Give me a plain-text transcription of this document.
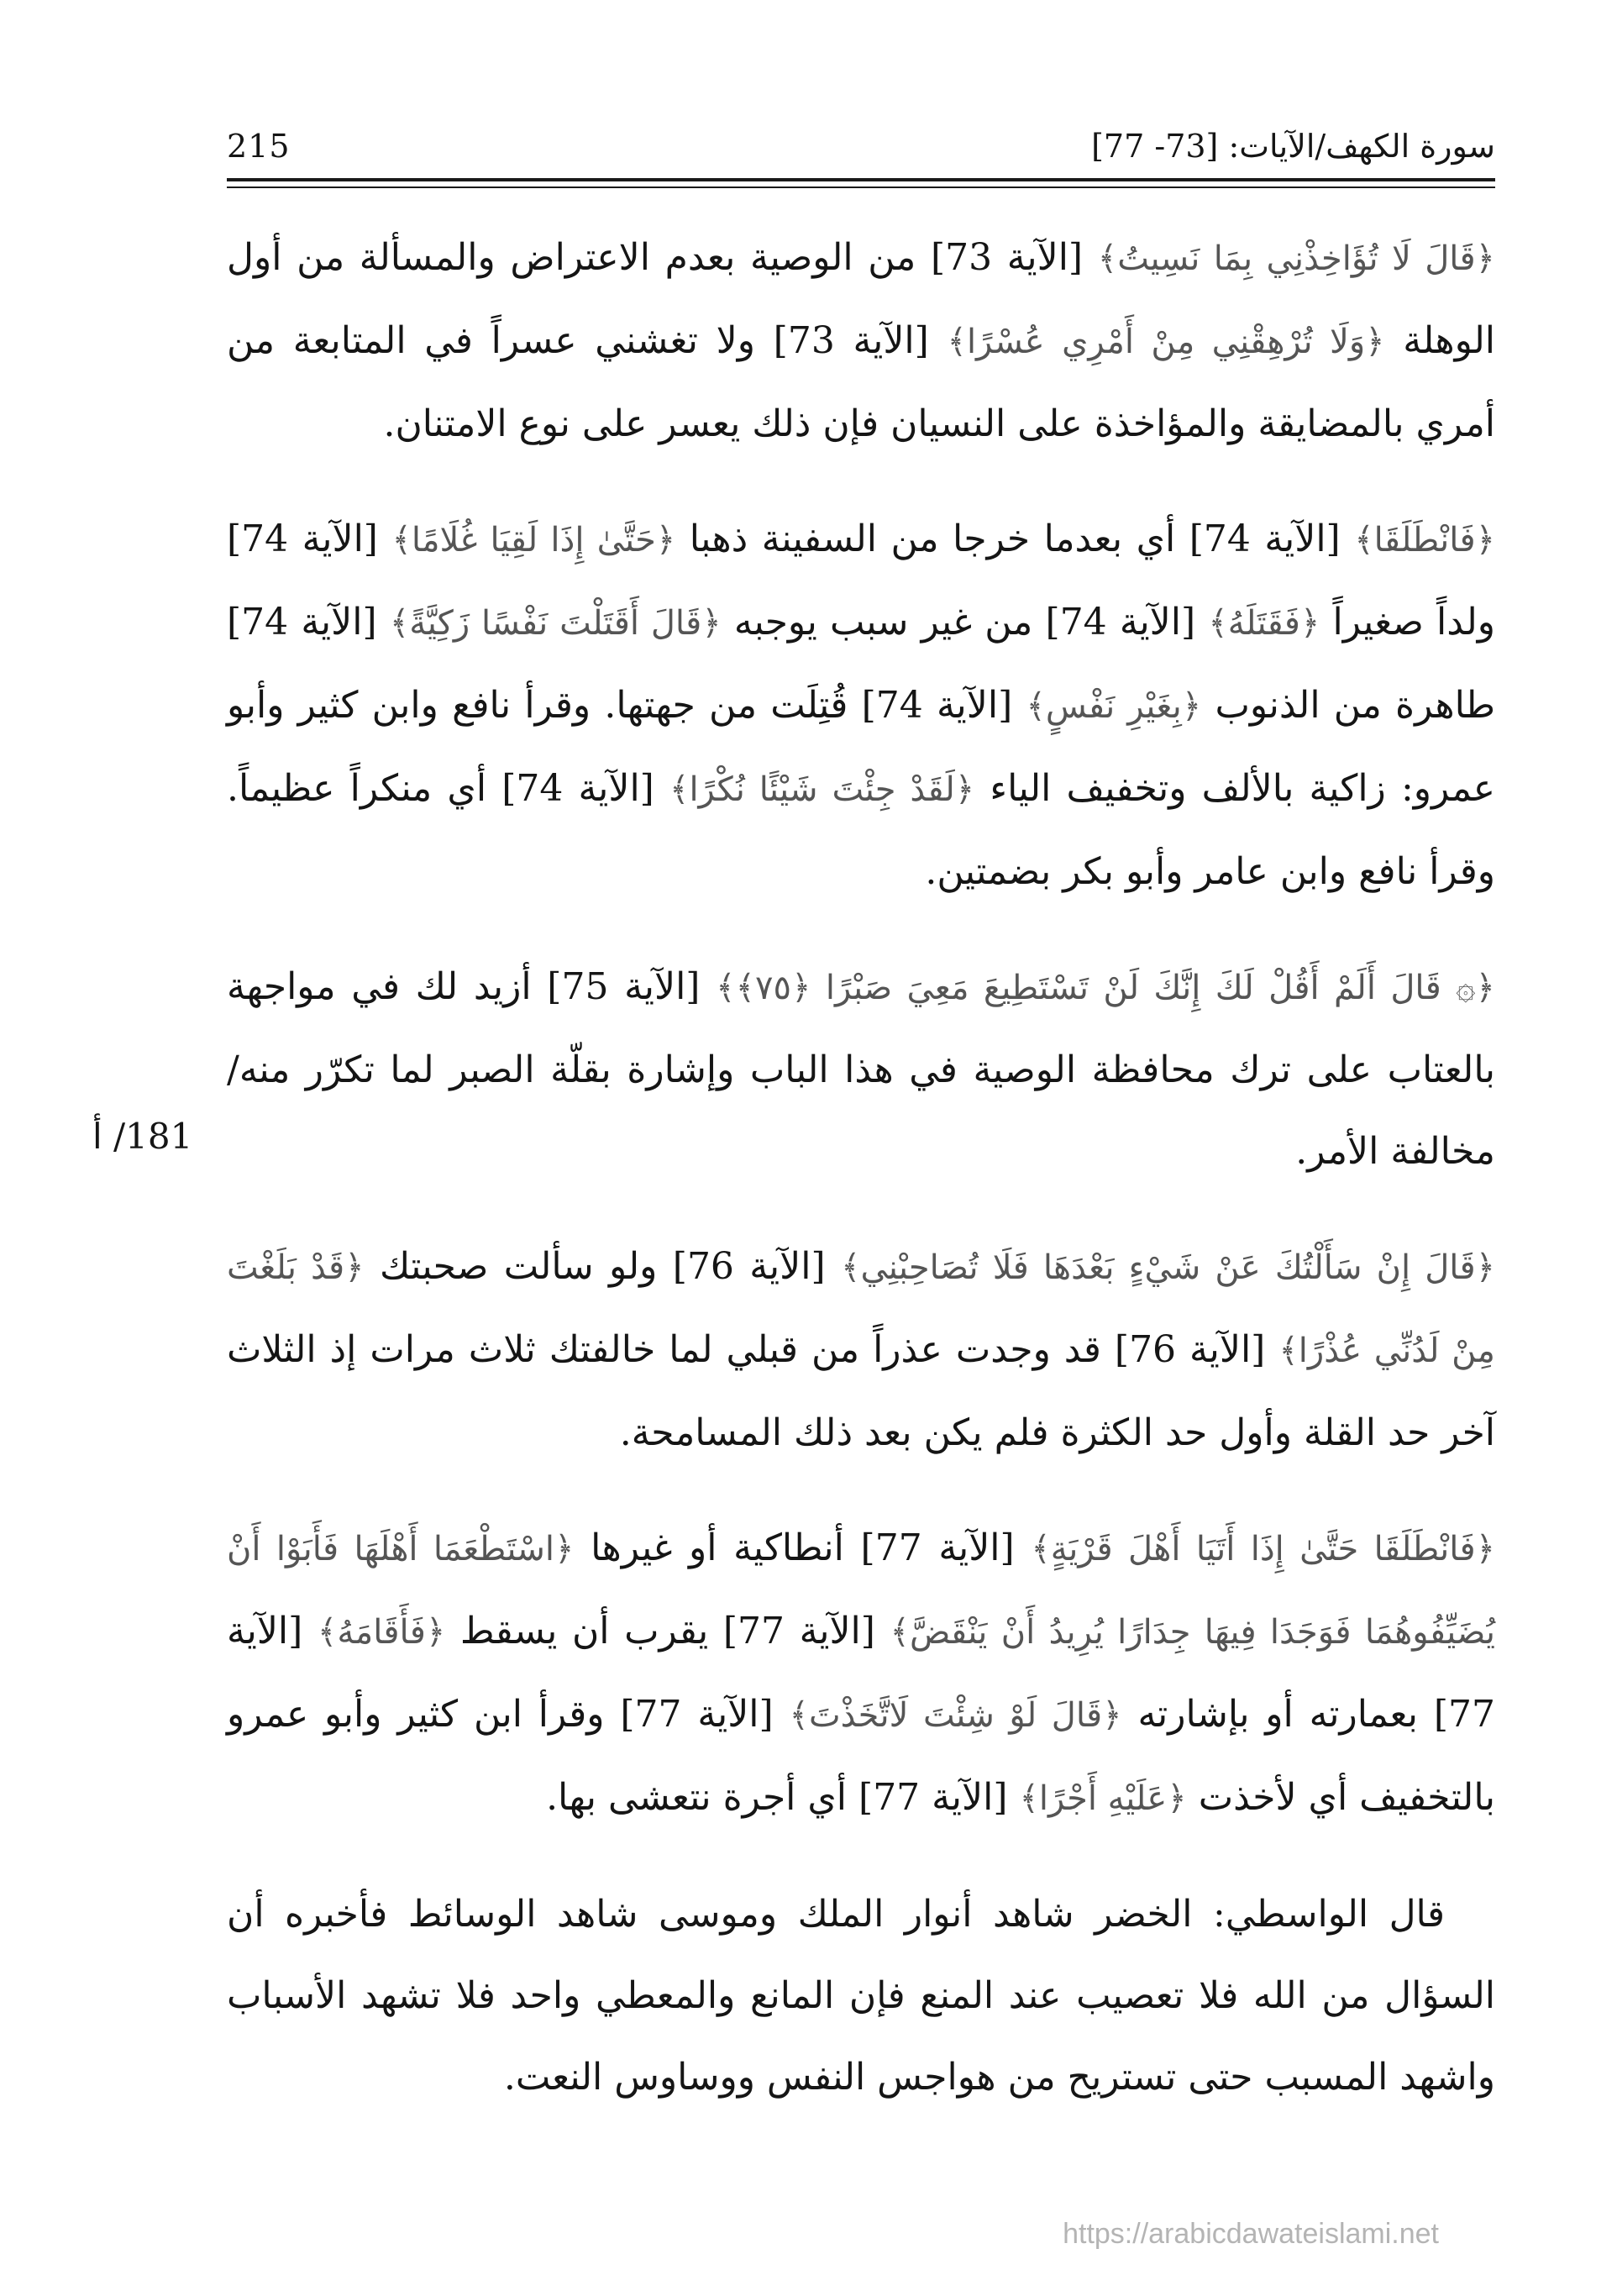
سورة الكهف/الآيات: [73- 77]
215

﴿قَالَ لَا تُؤَاخِذْنِي بِمَا نَسِيتُ﴾ [الآية 73] من الوصية بعدم الاعتراض والمسألة من أول الوهلة ﴿وَلَا تُرْهِقْنِي مِنْ أَمْرِي عُسْرًا﴾ [الآية 73] ولا تغشني عسراً في المتابعة من أمري بالمضايقة والمؤاخذة على النسيان فإن ذلك يعسر على نوع الامتنان.

﴿فَانْطَلَقَا﴾ [الآية 74] أي بعدما خرجا من السفينة ذهبا ﴿حَتَّىٰ إِذَا لَقِيَا غُلَامًا﴾ [الآية 74] ولداً صغيراً ﴿فَقَتَلَهُ﴾ [الآية 74] من غير سبب يوجبه ﴿قَالَ أَقَتَلْتَ نَفْسًا زَكِيَّةً﴾ [الآية 74] طاهرة من الذنوب ﴿بِغَيْرِ نَفْسٍ﴾ [الآية 74] قُتِلَت من جهتها. وقرأ نافع وابن كثير وأبو عمرو: زاكية بالألف وتخفيف الياء ﴿لَقَدْ جِئْتَ شَيْئًا نُكْرًا﴾ [الآية 74] أي منكراً عظيماً. وقرأ نافع وابن عامر وأبو بكر بضمتين.

﴿۞ قَالَ أَلَمْ أَقُلْ لَكَ إِنَّكَ لَنْ تَسْتَطِيعَ مَعِيَ صَبْرًا ﴿٧٥﴾﴾ [الآية 75] أزيد لك في مواجهة بالعتاب على ترك محافظة الوصية في هذا الباب وإشارة بقلّة الصبر لما تكرّر منه/ مخالفة الأمر.

﴿قَالَ إِنْ سَأَلْتُكَ عَنْ شَيْءٍ بَعْدَهَا فَلَا تُصَاحِبْنِي﴾ [الآية 76] ولو سألت صحبتك ﴿قَدْ بَلَغْتَ مِنْ لَدُنِّي عُذْرًا﴾ [الآية 76] قد وجدت عذراً من قبلي لما خالفتك ثلاث مرات إذ الثلاث آخر حد القلة وأول حد الكثرة فلم يكن بعد ذلك المسامحة.

﴿فَانْطَلَقَا حَتَّىٰ إِذَا أَتَيَا أَهْلَ قَرْيَةٍ﴾ [الآية 77] أنطاكية أو غيرها ﴿اسْتَطْعَمَا أَهْلَهَا فَأَبَوْا أَنْ يُضَيِّفُوهُمَا فَوَجَدَا فِيهَا جِدَارًا يُرِيدُ أَنْ يَنْقَضَّ﴾ [الآية 77] يقرب أن يسقط ﴿فَأَقَامَهُ﴾ [الآية 77] بعمارته أو بإشارته ﴿قَالَ لَوْ شِئْتَ لَاتَّخَذْتَ﴾ [الآية 77] وقرأ ابن كثير وأبو عمرو بالتخفيف أي لأخذت ﴿عَلَيْهِ أَجْرًا﴾ [الآية 77] أي أجرة نتعشى بها.

قال الواسطي: الخضر شاهد أنوار الملك وموسى شاهد الوسائط فأخبره أن السؤال من الله فلا تعصيب عند المنع فإن المانع والمعطي واحد فلا تشهد الأسباب واشهد المسبب حتى تستريح من هواجس النفس ووساوس النعت.

181/ أ
https://arabicdawateislami.net
